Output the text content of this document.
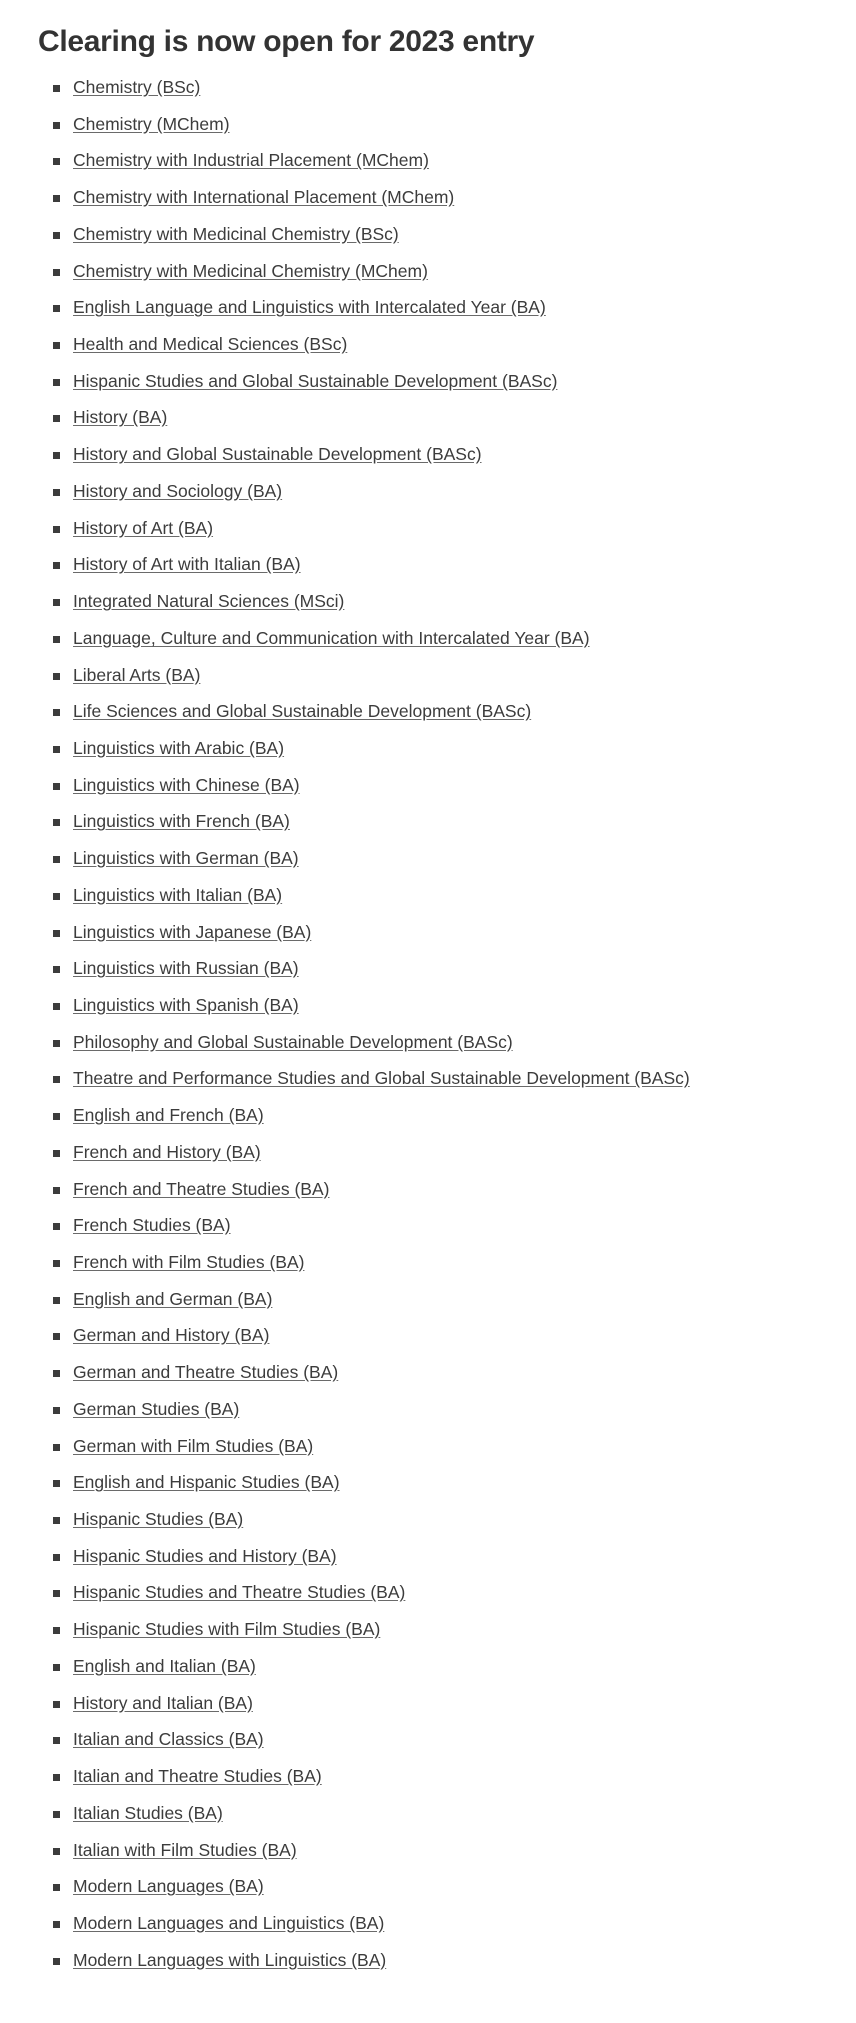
Clearing is now open for 2023 entry
Chemistry (BSc)
Chemistry (MChem)
Chemistry with Industrial Placement (MChem)
Chemistry with International Placement (MChem)
Chemistry with Medicinal Chemistry (BSc)
Chemistry with Medicinal Chemistry (MChem)
English Language and Linguistics with Intercalated Year (BA)
Health and Medical Sciences (BSc)
Hispanic Studies and Global Sustainable Development (BASc)
History (BA)
History and Global Sustainable Development (BASc)
History and Sociology (BA)
History of Art (BA)
History of Art with Italian (BA)
Integrated Natural Sciences (MSci)
Language, Culture and Communication with Intercalated Year (BA)
Liberal Arts (BA)
Life Sciences and Global Sustainable Development (BASc)
Linguistics with Arabic (BA)
Linguistics with Chinese (BA)
Linguistics with French (BA)
Linguistics with German (BA)
Linguistics with Italian (BA)
Linguistics with Japanese (BA)
Linguistics with Russian (BA)
Linguistics with Spanish (BA)
Philosophy and Global Sustainable Development (BASc)
Theatre and Performance Studies and Global Sustainable Development (BASc)
English and French (BA)
French and History (BA)
French and Theatre Studies (BA)
French Studies (BA)
French with Film Studies (BA)
English and German (BA)
German and History (BA)
German and Theatre Studies (BA)
German Studies (BA)
German with Film Studies (BA)
English and Hispanic Studies (BA)
Hispanic Studies (BA)
Hispanic Studies and History (BA)
Hispanic Studies and Theatre Studies (BA)
Hispanic Studies with Film Studies (BA)
English and Italian (BA)
History and Italian (BA)
Italian and Classics (BA)
Italian and Theatre Studies (BA)
Italian Studies (BA)
Italian with Film Studies (BA)
Modern Languages (BA)
Modern Languages and Linguistics (BA)
Modern Languages with Linguistics (BA)
